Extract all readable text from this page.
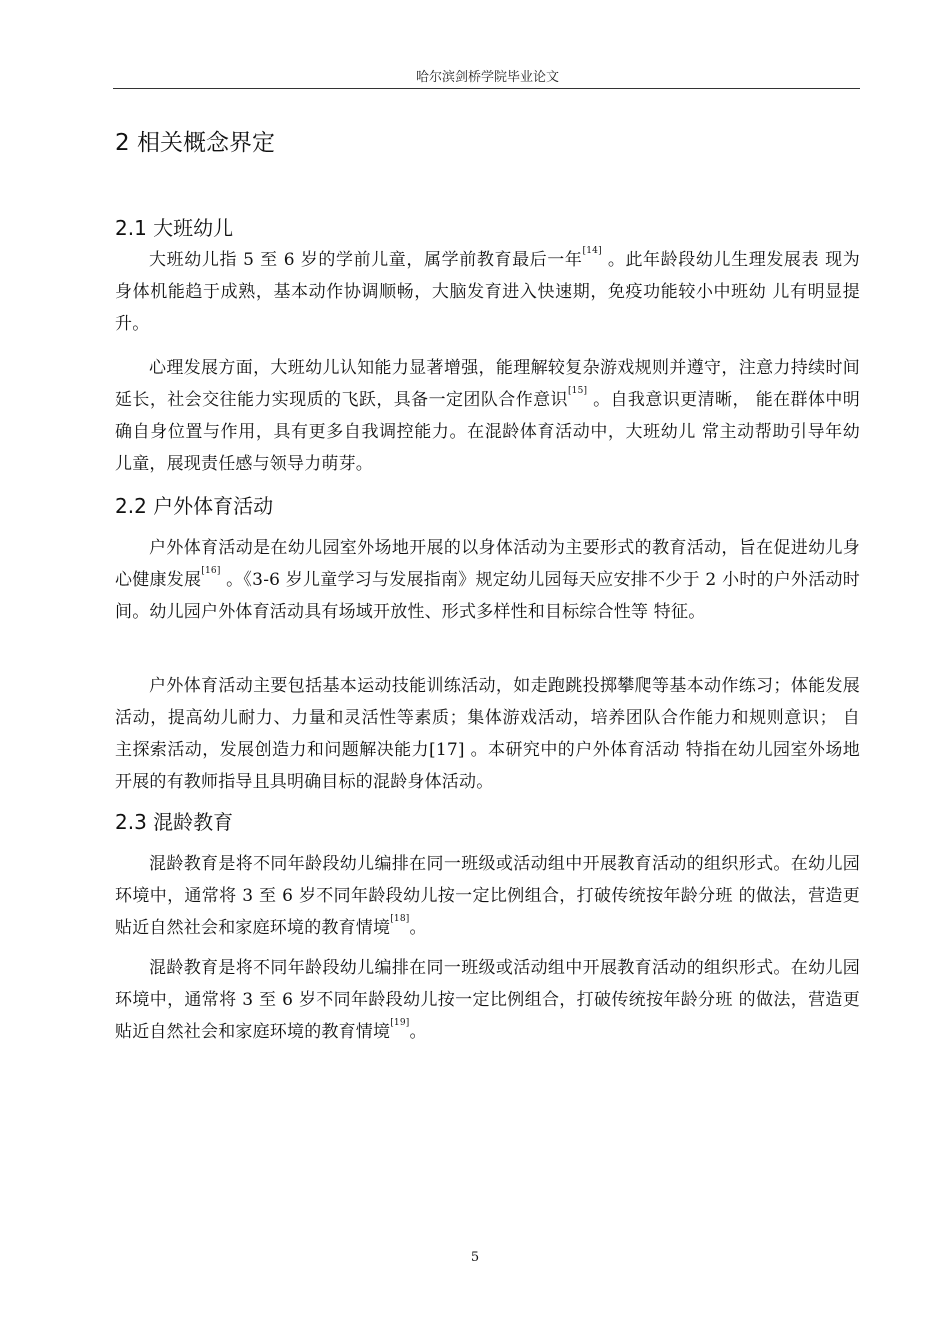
哈尔滨剑桥学院毕业论文
2 相关概念界定
2.1 大班幼儿
大班幼儿指 5 至 6 岁的学前儿童，属学前教育最后一年[14] 。此年龄段幼儿生理发展表 现为身体机能趋于成熟，基本动作协调顺畅，大脑发育进入快速期，免疫功能较小中班幼 儿有明显提升。
心理发展方面，大班幼儿认知能力显著增强，能理解较复杂游戏规则并遵守，注意力持续时间延长，社会交往能力实现质的飞跃，具备一定团队合作意识[15] 。自我意识更清晰， 能在群体中明确自身位置与作用，具有更多自我调控能力。在混龄体育活动中，大班幼儿 常主动帮助引导年幼儿童，展现责任感与领导力萌芽。
2.2 户外体育活动
户外体育活动是在幼儿园室外场地开展的以身体活动为主要形式的教育活动，旨在促进幼儿身心健康发展[16] 。《3-6 岁儿童学习与发展指南》规定幼儿园每天应安排不少于 2 小时的户外活动时间。幼儿园户外体育活动具有场域开放性、形式多样性和目标综合性等 特征。
户外体育活动主要包括基本运动技能训练活动，如走跑跳投掷攀爬等基本动作练习；体能发展活动，提高幼儿耐力、力量和灵活性等素质；集体游戏活动，培养团队合作能力和规则意识； 自主探索活动，发展创造力和问题解决能力[17] 。本研究中的户外体育活动 特指在幼儿园室外场地开展的有教师指导且具明确目标的混龄身体活动。
2.3 混龄教育
混龄教育是将不同年龄段幼儿编排在同一班级或活动组中开展教育活动的组织形式。在幼儿园环境中，通常将 3 至 6 岁不同年龄段幼儿按一定比例组合，打破传统按年龄分班 的做法，营造更贴近自然社会和家庭环境的教育情境[18]。
混龄教育是将不同年龄段幼儿编排在同一班级或活动组中开展教育活动的组织形式。在幼儿园环境中，通常将 3 至 6 岁不同年龄段幼儿按一定比例组合，打破传统按年龄分班 的做法，营造更贴近自然社会和家庭环境的教育情境[19]。
5
